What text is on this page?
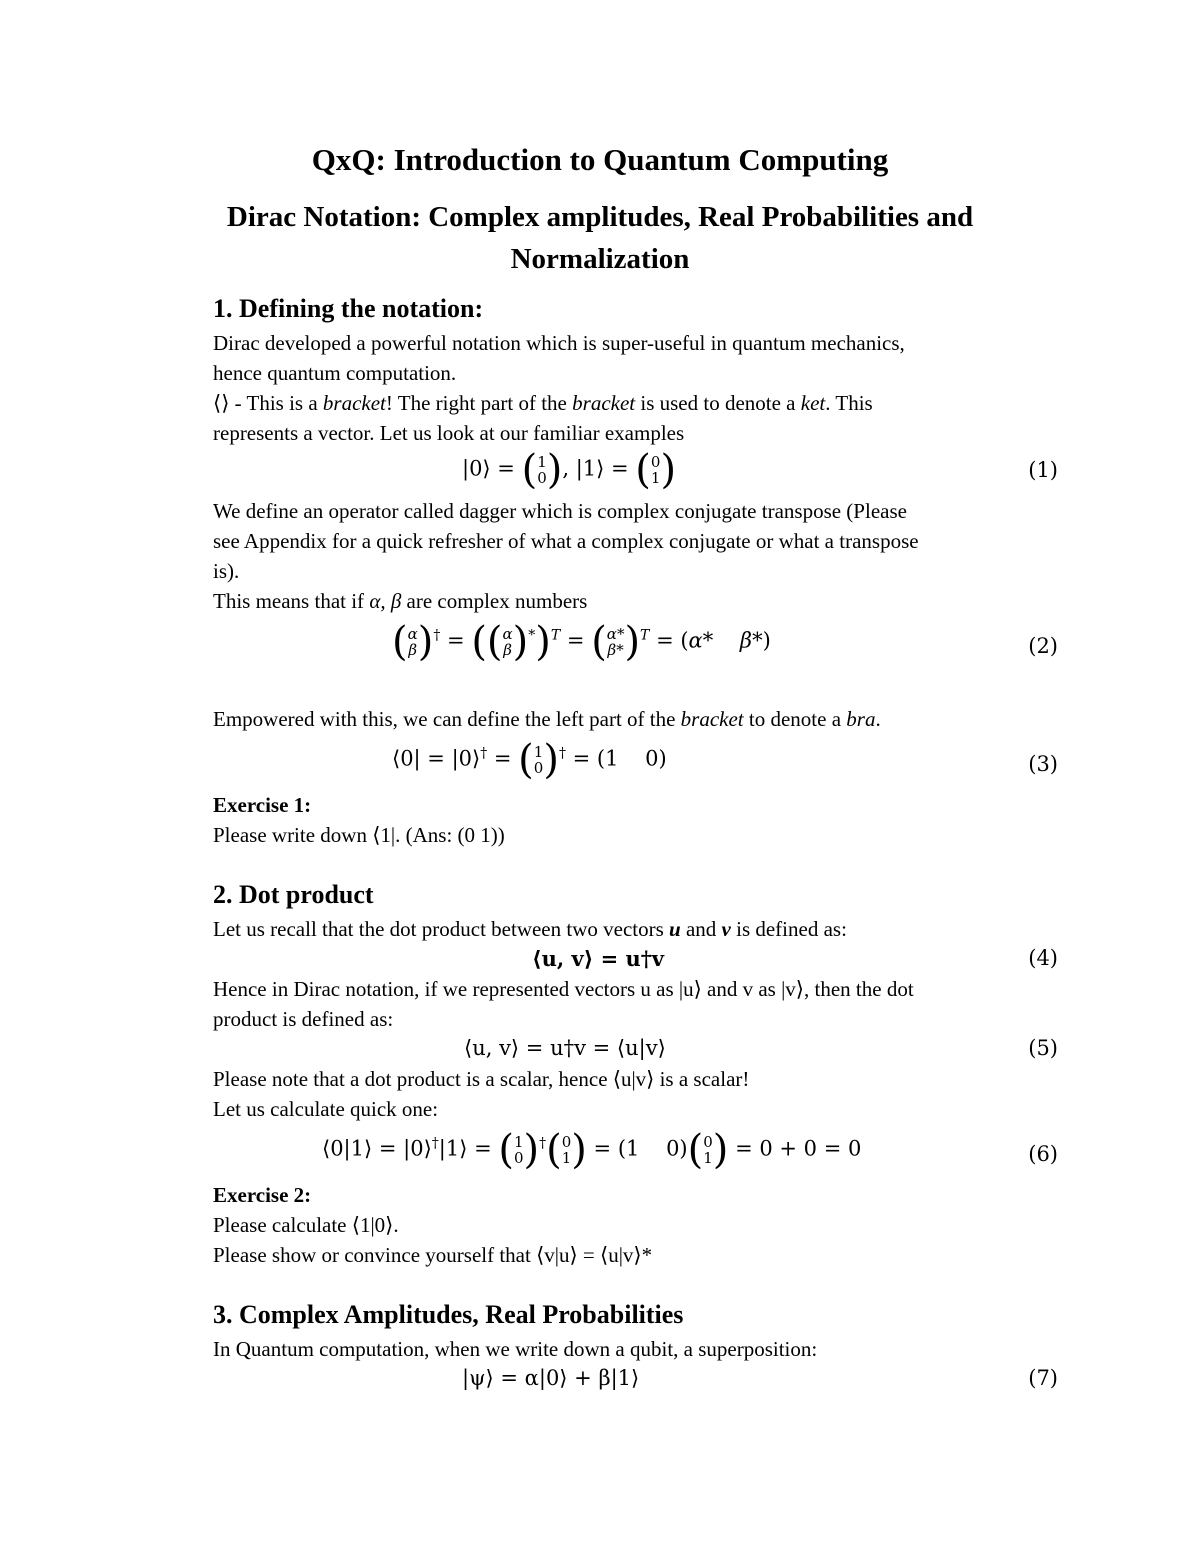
QxQ: Introduction to Quantum Computing
Dirac Notation: Complex amplitudes, Real Probabilities and
Normalization
1. Defining the notation:
Dirac developed a powerful notation which is super-useful in quantum mechanics,
hence quantum computation.
⟨⟩ - This is a bracket! The right part of the bracket is used to denote a ket. This
represents a vector. Let us look at our familiar examples
|0⟩ = ( 1
0 ), |1⟩ = ( 0
1 )	(1)
We define an operator called dagger which is complex conjugate transpose (Please
see Appendix for a quick refresher of what a complex conjugate or what a transpose
is).
This means that if α, β are complex numbers
( α
β )† = (( α
β )*)$^T$ = ( α*
β* )$^T$ = (α*    β*)	(2)
Empowered with this, we can define the left part of the bracket to denote a bra.
⟨0| = |0⟩† = ( 1
0 )† = (1    0)	(3)
Exercise 1:
Please write down ⟨1|. (Ans: (0 1))
2. Dot product
Let us recall that the dot product between two vectors u and v is defined as:
⟨u, v⟩ = u†v	(4)
Hence in Dirac notation, if we represented vectors u as |u⟩ and v as |v⟩, then the dot
product is defined as:
⟨u, v⟩ = u†v = ⟨u|v⟩	(5)
Please note that a dot product is a scalar, hence ⟨u|v⟩ is a scalar!
Let us calculate quick one:
⟨0|1⟩ = |0⟩†|1⟩ = ( 1
0 )†( 0
1 ) = (1    0)( 0
1 ) = 0 + 0 = 0	(6)
Exercise 2:
Please calculate ⟨1|0⟩.
Please show or convince yourself that ⟨v|u⟩ = ⟨u|v⟩*
3. Complex Amplitudes, Real Probabilities
In Quantum computation, when we write down a qubit, a superposition:
|ψ⟩ = α|0⟩ + β|1⟩	(7)
